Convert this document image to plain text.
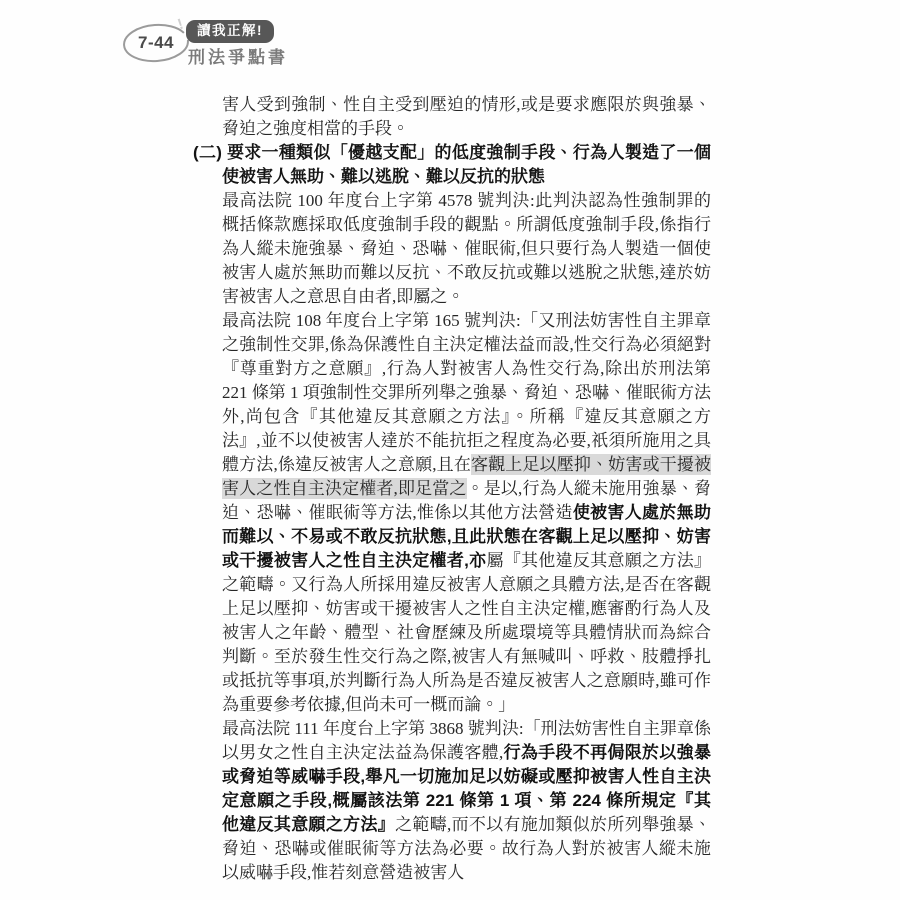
7-44
! 讀我正解!
刑法爭點書
害人受到強制、性自主受到壓迫的情形,或是要求應限於與強暴、脅迫之強度相當的手段。
(二) 要求一種類似「優越支配」的低度強制手段、行為人製造了一個使被害人無助、難以逃脫、難以反抗的狀態
最高法院 100 年度台上字第 4578 號判決:此判決認為性強制罪的概括條款應採取低度強制手段的觀點。所謂低度強制手段,係指行為人縱未施強暴、脅迫、恐嚇、催眠術,但只要行為人製造一個使被害人處於無助而難以反抗、不敢反抗或難以逃脫之狀態,達於妨害被害人之意思自由者,即屬之。
最高法院 108 年度台上字第 165 號判決:「又刑法妨害性自主罪章之強制性交罪,係為保護性自主決定權法益而設,性交行為必須絕對『尊重對方之意願』,行為人對被害人為性交行為,除出於刑法第 221 條第 1 項強制性交罪所列舉之強暴、脅迫、恐嚇、催眠術方法外,尚包含『其他違反其意願之方法』。所稱『違反其意願之方法』,並不以使被害人達於不能抗拒之程度為必要,祇須所施用之具體方法,係違反被害人之意願,且在客觀上足以壓抑、妨害或干擾被害人之性自主決定權者,即足當之。是以,行為人縱未施用強暴、脅迫、恐嚇、催眠術等方法,惟係以其他方法營造使被害人處於無助而難以、不易或不敢反抗狀態,且此狀態在客觀上足以壓抑、妨害或干擾被害人之性自主決定權者,亦屬『其他違反其意願之方法』之範疇。又行為人所採用違反被害人意願之具體方法,是否在客觀上足以壓抑、妨害或干擾被害人之性自主決定權,應審酌行為人及被害人之年齡、體型、社會歷練及所處環境等具體情狀而為綜合判斷。至於發生性交行為之際,被害人有無喊叫、呼救、肢體掙扎或抵抗等事項,於判斷行為人所為是否違反被害人之意願時,雖可作為重要參考依據,但尚未可一概而論。」
最高法院 111 年度台上字第 3868 號判決:「刑法妨害性自主罪章係以男女之性自主決定法益為保護客體,行為手段不再侷限於以強暴或脅迫等威嚇手段,舉凡一切施加足以妨礙或壓抑被害人性自主決定意願之手段,概屬該法第 221 條第 1 項、第 224 條所規定『其他違反其意願之方法』之範疇,而不以有施加類似於所列舉強暴、脅迫、恐嚇或催眠術等方法為必要。故行為人對於被害人縱未施以威嚇手段,惟若刻意營造被害人
